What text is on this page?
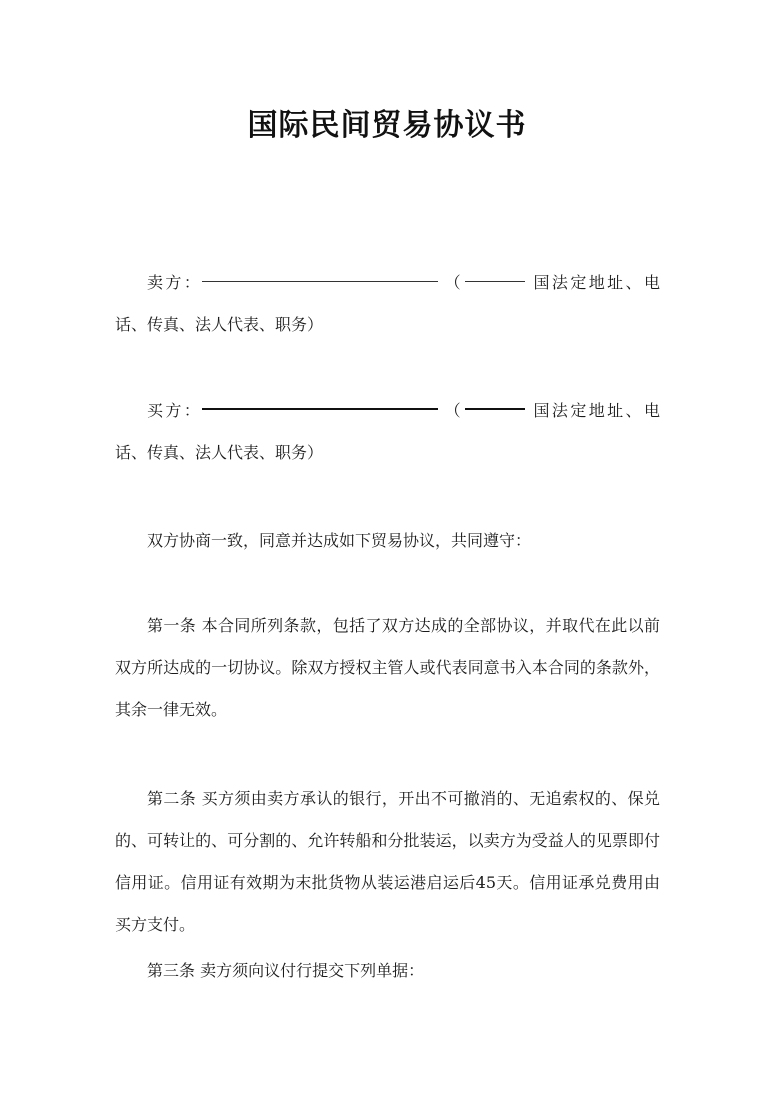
国际民间贸易协议书
卖方：	（	国法定地址、电话、传真、法人代表、职务）
买方：	（	国法定地址、电话、传真、法人代表、职务）
双方协商一致，同意并达成如下贸易协议，共同遵守：
第一条 本合同所列条款，包括了双方达成的全部协议，并取代在此以前双方所达成的一切协议。除双方授权主管人或代表同意书入本合同的条款外，其余一律无效。
第二条 买方须由卖方承认的银行，开出不可撤消的、无追索权的、保兑的、可转让的、可分割的、允许转船和分批装运，以卖方为受益人的见票即付信用证。信用证有效期为末批货物从装运港启运后45天。信用证承兑费用由买方支付。
第三条 卖方须向议付行提交下列单据：
